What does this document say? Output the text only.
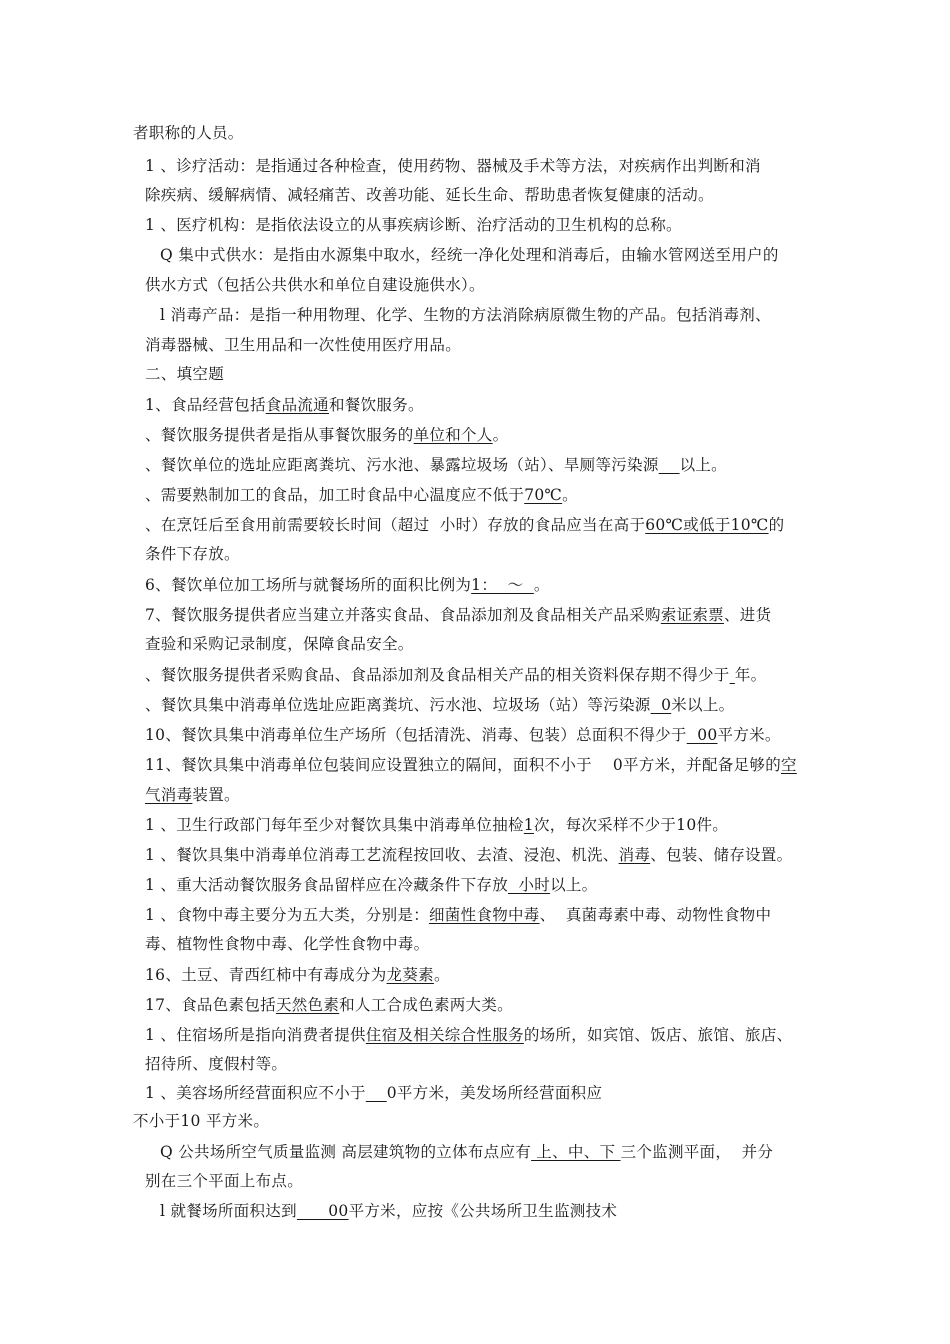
者职称的人员。
1 、诊疗活动：是指通过各种检查，使用药物、器械及手术等方法，对疾病作出判断和消
除疾病、缓解病情、减轻痛苦、改善功能、延长生命、帮助患者恢复健康的活动。
1 、医疗机构：是指依法设立的从事疾病诊断、治疗活动的卫生机构的总称。
Q 集中式供水：是指由水源集中取水，经统一净化处理和消毒后，由输水管网送至用户的
供水方式（包括公共供水和单位自建设施供水）。
l 消毒产品：是指一种用物理、化学、生物的方法消除病原微生物的产品。包括消毒剂、
消毒器械、卫生用品和一次性使用医疗用品。
二、填空题
1、食品经营包括食品流通和餐饮服务。
、餐饮服务提供者是指从事餐饮服务的单位和个人。
、餐饮单位的选址应距离粪坑、污水池、暴露垃圾场（站）、旱厕等污染源 以上。
、需要熟制加工的食品，加工时食品中心温度应不低于70℃。
、在烹饪后至食用前需要较长时间（超过  小时）存放的食品应当在高于60℃或低于10℃的
条件下存放。
6、餐饮单位加工场所与就餐场所的面积比例为1：  ～  。
7、餐饮服务提供者应当建立并落实食品、食品添加剂及食品相关产品采购索证索票、进货
查验和采购记录制度，保障食品安全。
、餐饮服务提供者采购食品、食品添加剂及食品相关产品的相关资料保存期不得少于 年。
、餐饮具集中消毒单位选址应距离粪坑、污水池、垃圾场（站）等污染源  0米以上。
10、餐饮具集中消毒单位生产场所（包括清洗、消毒、包装）总面积不得少于  00平方米。
11、餐饮具集中消毒单位包装间应设置独立的隔间，面积不小于    0平方米，并配备足够的空
气消毒装置。
1 、卫生行政部门每年至少对餐饮具集中消毒单位抽检1次，每次采样不少于10件。
1 、餐饮具集中消毒单位消毒工艺流程按回收、去渣、浸泡、机洗、消毒、包装、储存设置。
1 、重大活动餐饮服务食品留样应在冷藏条件下存放  小时以上。
1 、食物中毒主要分为五大类，分别是：细菌性食物中毒、  真菌毒素中毒、动物性食物中
毒、植物性食物中毒、化学性食物中毒。
16、土豆、青西红柿中有毒成分为龙葵素。
17、食品色素包括天然色素和人工合成色素两大类。
1 、住宿场所是指向消费者提供住宿及相关综合性服务的场所，如宾馆、饭店、旅馆、旅店、
招待所、度假村等。
1 、美容场所经营面积应不小于 0平方米，美发场所经营面积应
不小于10 平方米。
Q 公共场所空气质量监测 高层建筑物的立体布点应有 上、中、下 三个监测平面，  并分
别在三个平面上布点。
l 就餐场所面积达到      00平方米，应按《公共场所卫生监测技术
